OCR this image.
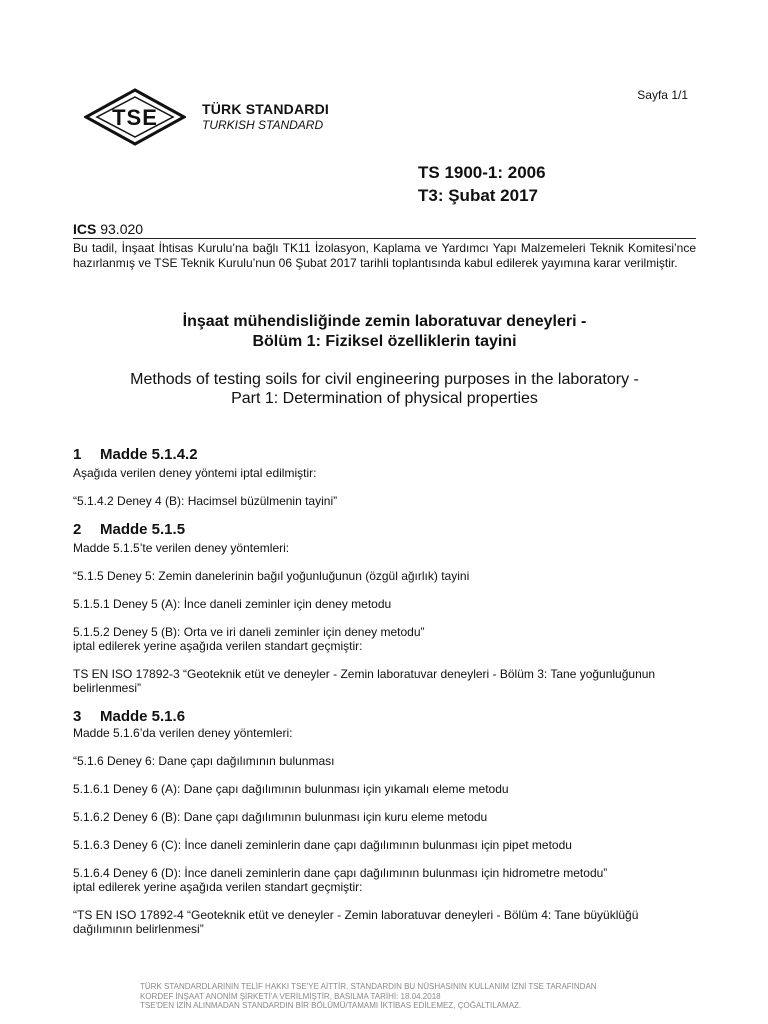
Sayfa 1/1
TSE	TÜRK STANDARDI
TURKISH STANDARD
TS 1900-1: 2006
T3: Şubat 2017
ICS 93.020
Bu tadil, İnşaat İhtisas Kurulu’na bağlı TK11 İzolasyon, Kaplama ve Yardımcı Yapı Malzemeleri Teknik Komitesi’nce hazırlanmış ve TSE Teknik Kurulu’nun 06 Şubat 2017 tarihli toplantısında kabul edilerek yayımına karar verilmiştir.
İnşaat mühendisliğinde zemin laboratuvar deneyleri -
Bölüm 1: Fiziksel özelliklerin tayini
Methods of testing soils for civil engineering purposes in the laboratory -
Part 1: Determination of physical properties
1 Madde 5.1.4.2
Aşağıda verilen deney yöntemi iptal edilmiştir:
“5.1.4.2 Deney 4 (B): Hacimsel büzülmenin tayini”
2 Madde 5.1.5
Madde 5.1.5’te verilen deney yöntemleri:
“5.1.5 Deney 5: Zemin danelerinin bağıl yoğunluğunun (özgül ağırlık) tayini
5.1.5.1 Deney 5 (A): İnce daneli zeminler için deney metodu
5.1.5.2 Deney 5 (B): Orta ve iri daneli zeminler için deney metodu”
iptal edilerek yerine aşağıda verilen standart geçmiştir:
TS EN ISO 17892-3 “Geoteknik etüt ve deneyler - Zemin laboratuvar deneyleri - Bölüm 3: Tane yoğunluğunun belirlenmesi”
3 Madde 5.1.6
Madde 5.1.6’da verilen deney yöntemleri:
“5.1.6 Deney 6: Dane çapı dağılımının bulunması
5.1.6.1 Deney 6 (A): Dane çapı dağılımının bulunması için yıkamalı eleme metodu
5.1.6.2 Deney 6 (B): Dane çapı dağılımının bulunması için kuru eleme metodu
5.1.6.3 Deney 6 (C): İnce daneli zeminlerin dane çapı dağılımının bulunması için pipet metodu
5.1.6.4 Deney 6 (D): İnce daneli zeminlerin dane çapı dağılımının bulunması için hidrometre metodu”
iptal edilerek yerine aşağıda verilen standart geçmiştir:
“TS EN ISO 17892-4 “Geoteknik etüt ve deneyler - Zemin laboratuvar deneyleri - Bölüm 4: Tane büyüklüğü dağılımının belirlenmesi”
TÜRK STANDARDLARININ TELİF HAKKI TSE'YE AİTTİR. STANDARDIN BU NÜSHASININ KULLANIM İZNİ TSE TARAFINDAN
KORDEF İNŞAAT ANONİM ŞİRKETİ'A VERİLMİŞTİR, BASILMA TARİHİ: 18.04.2018
TSE'DEN İZİN ALINMADAN STANDARDIN BİR BÖLÜMÜ/TAMAMI İKTİBAS EDİLEMEZ, ÇOĞALTILAMAZ.
